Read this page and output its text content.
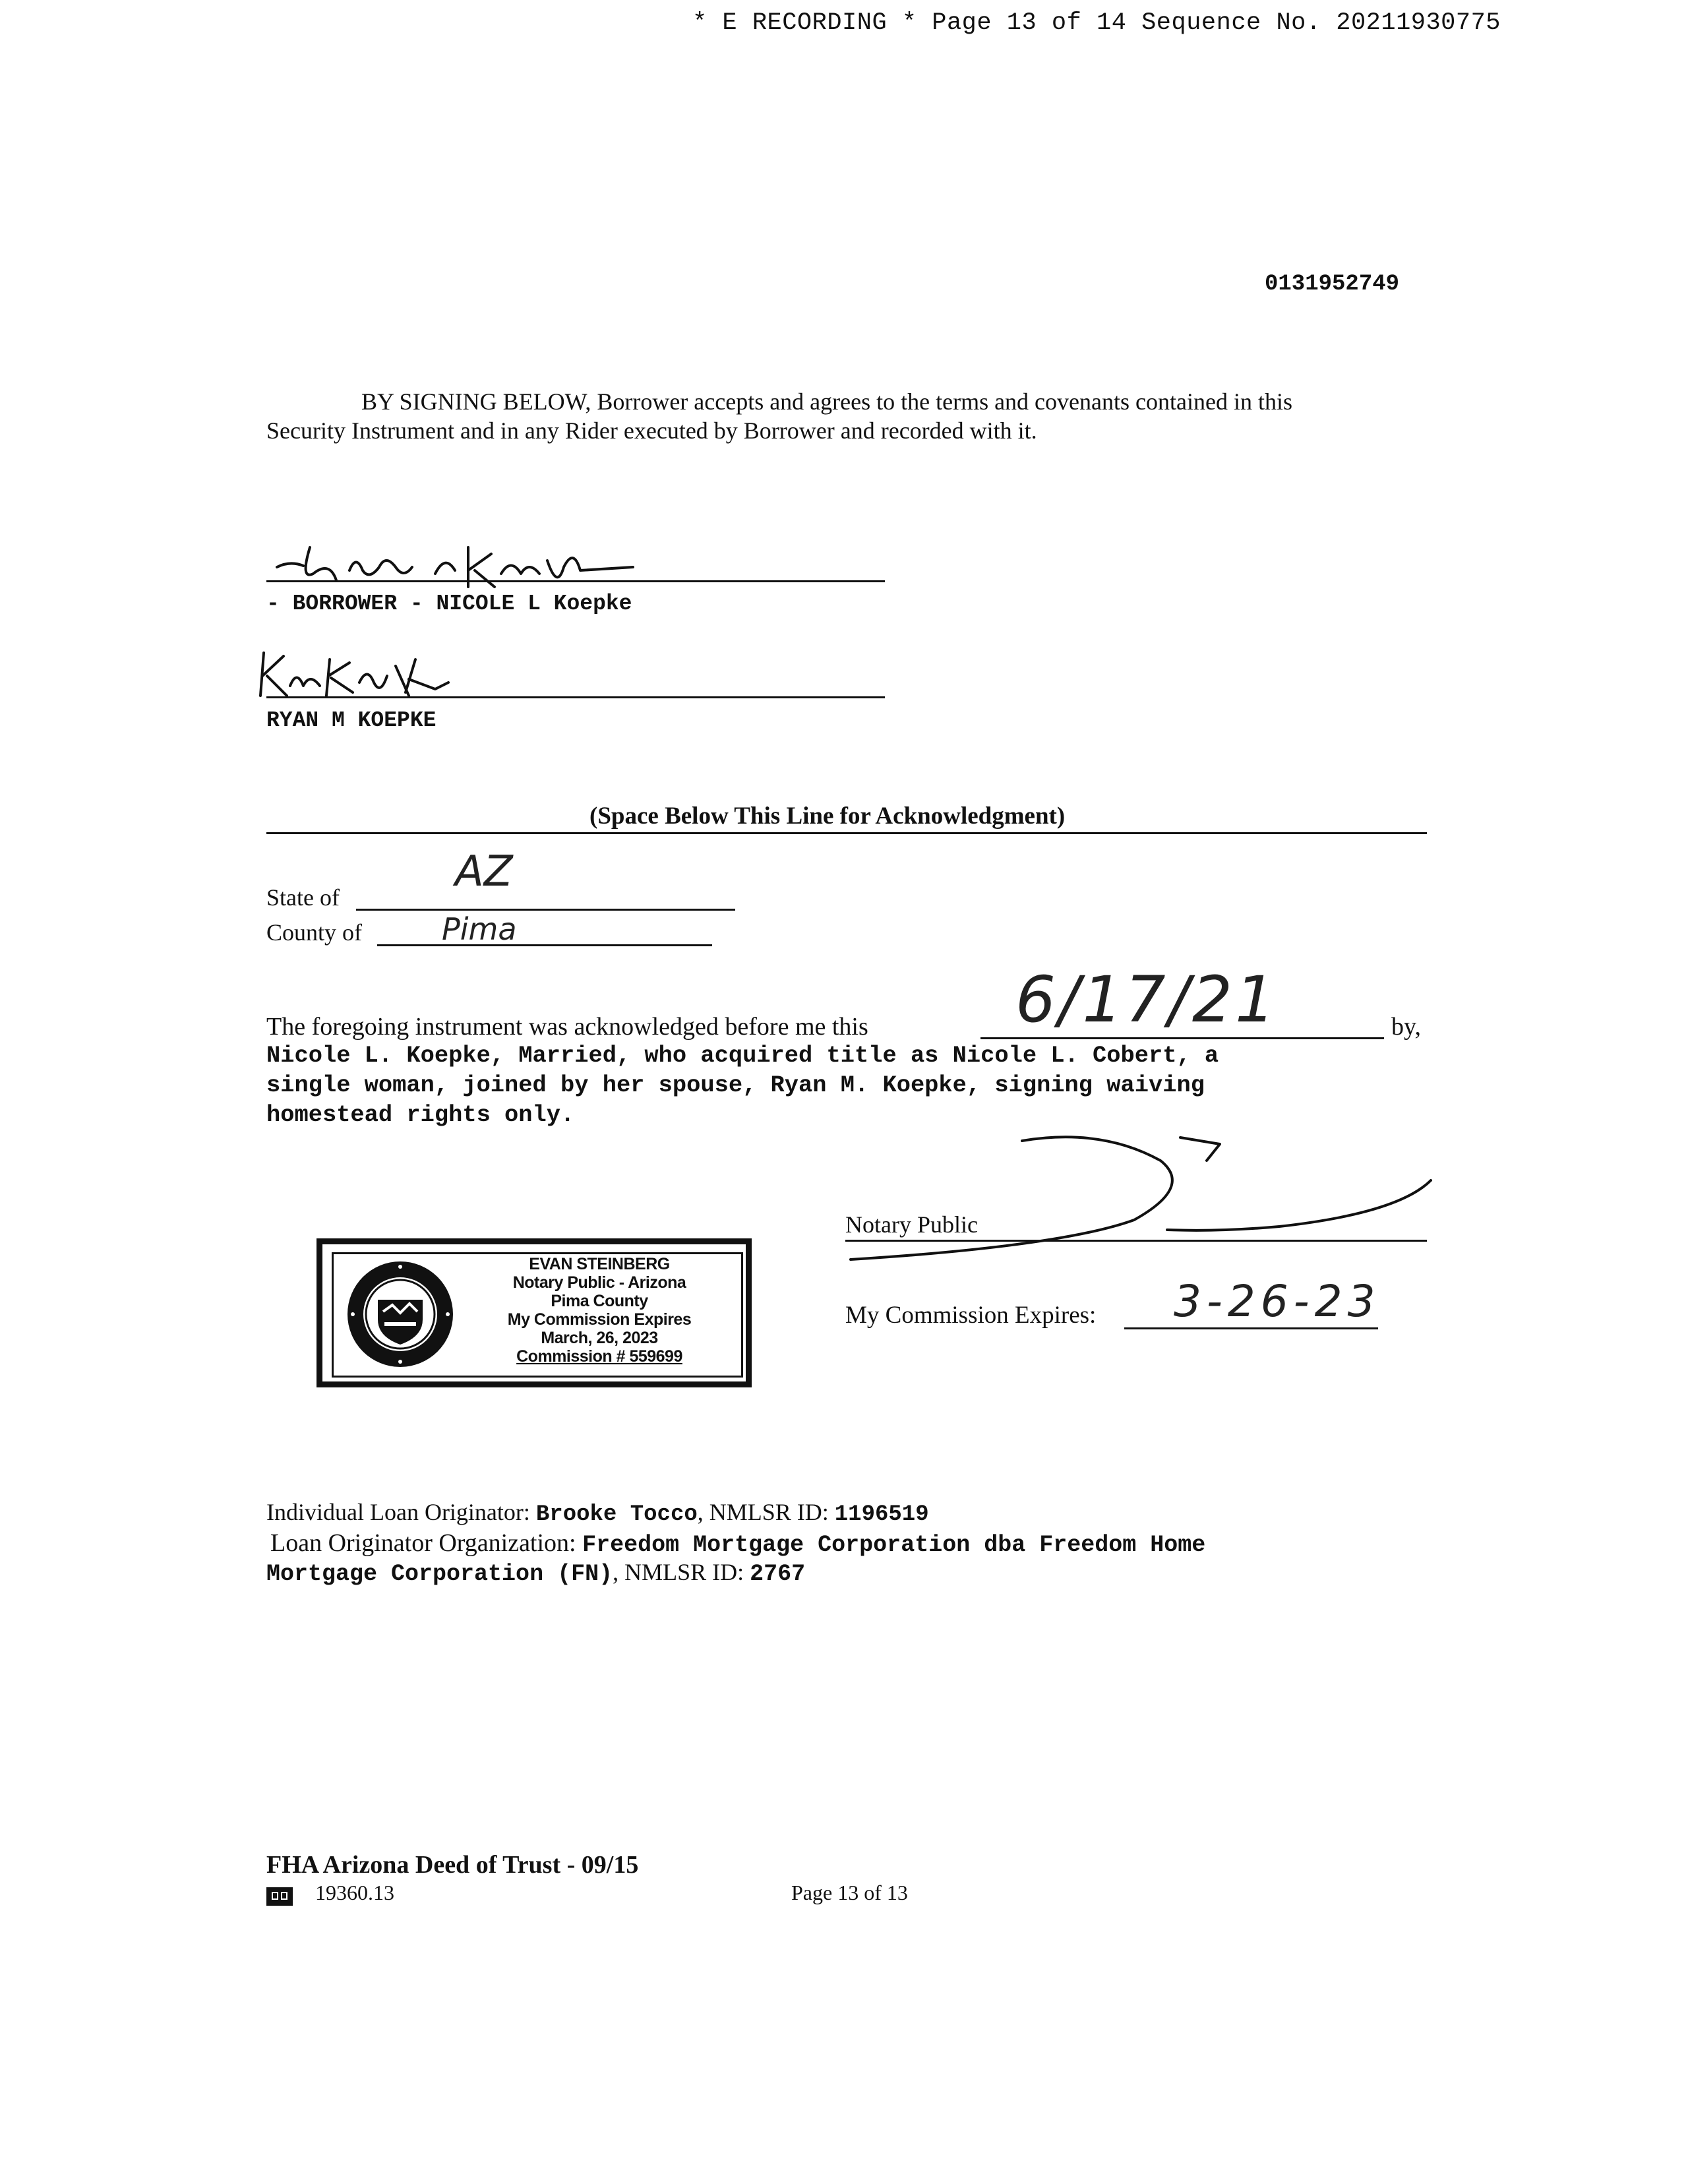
* E RECORDING * Page 13 of 14 Sequence No. 20211930775
0131952749
BY SIGNING BELOW, Borrower accepts and agrees to the terms and covenants contained in this
Security Instrument and in any Rider executed by Borrower and recorded with it.
- BORROWER - NICOLE L Koepke
RYAN M KOEPKE
(Space Below This Line for Acknowledgment)
State of
AZ
County of	Pima
The foregoing instrument was acknowledged before me this 6/17/21	by,
Nicole L. Koepke, Married, who acquired title as Nicole L. Cobert, a
single woman, joined by her spouse, Ryan M. Koepke, signing waiving
homestead rights only.
Notary Public
My Commission Expires: 3-26-23
EVAN STEINBERG
Notary Public - Arizona
Pima County
My Commission Expires
March, 26, 2023
Commission # 559699
Individual Loan Originator: Brooke Tocco, NMLSR ID: 1196519
Loan Originator Organization: Freedom Mortgage Corporation dba Freedom Home
Mortgage Corporation (FN), NMLSR ID: 2767
FHA Arizona Deed of Trust - 09/15
19360.13	Page 13 of 13
